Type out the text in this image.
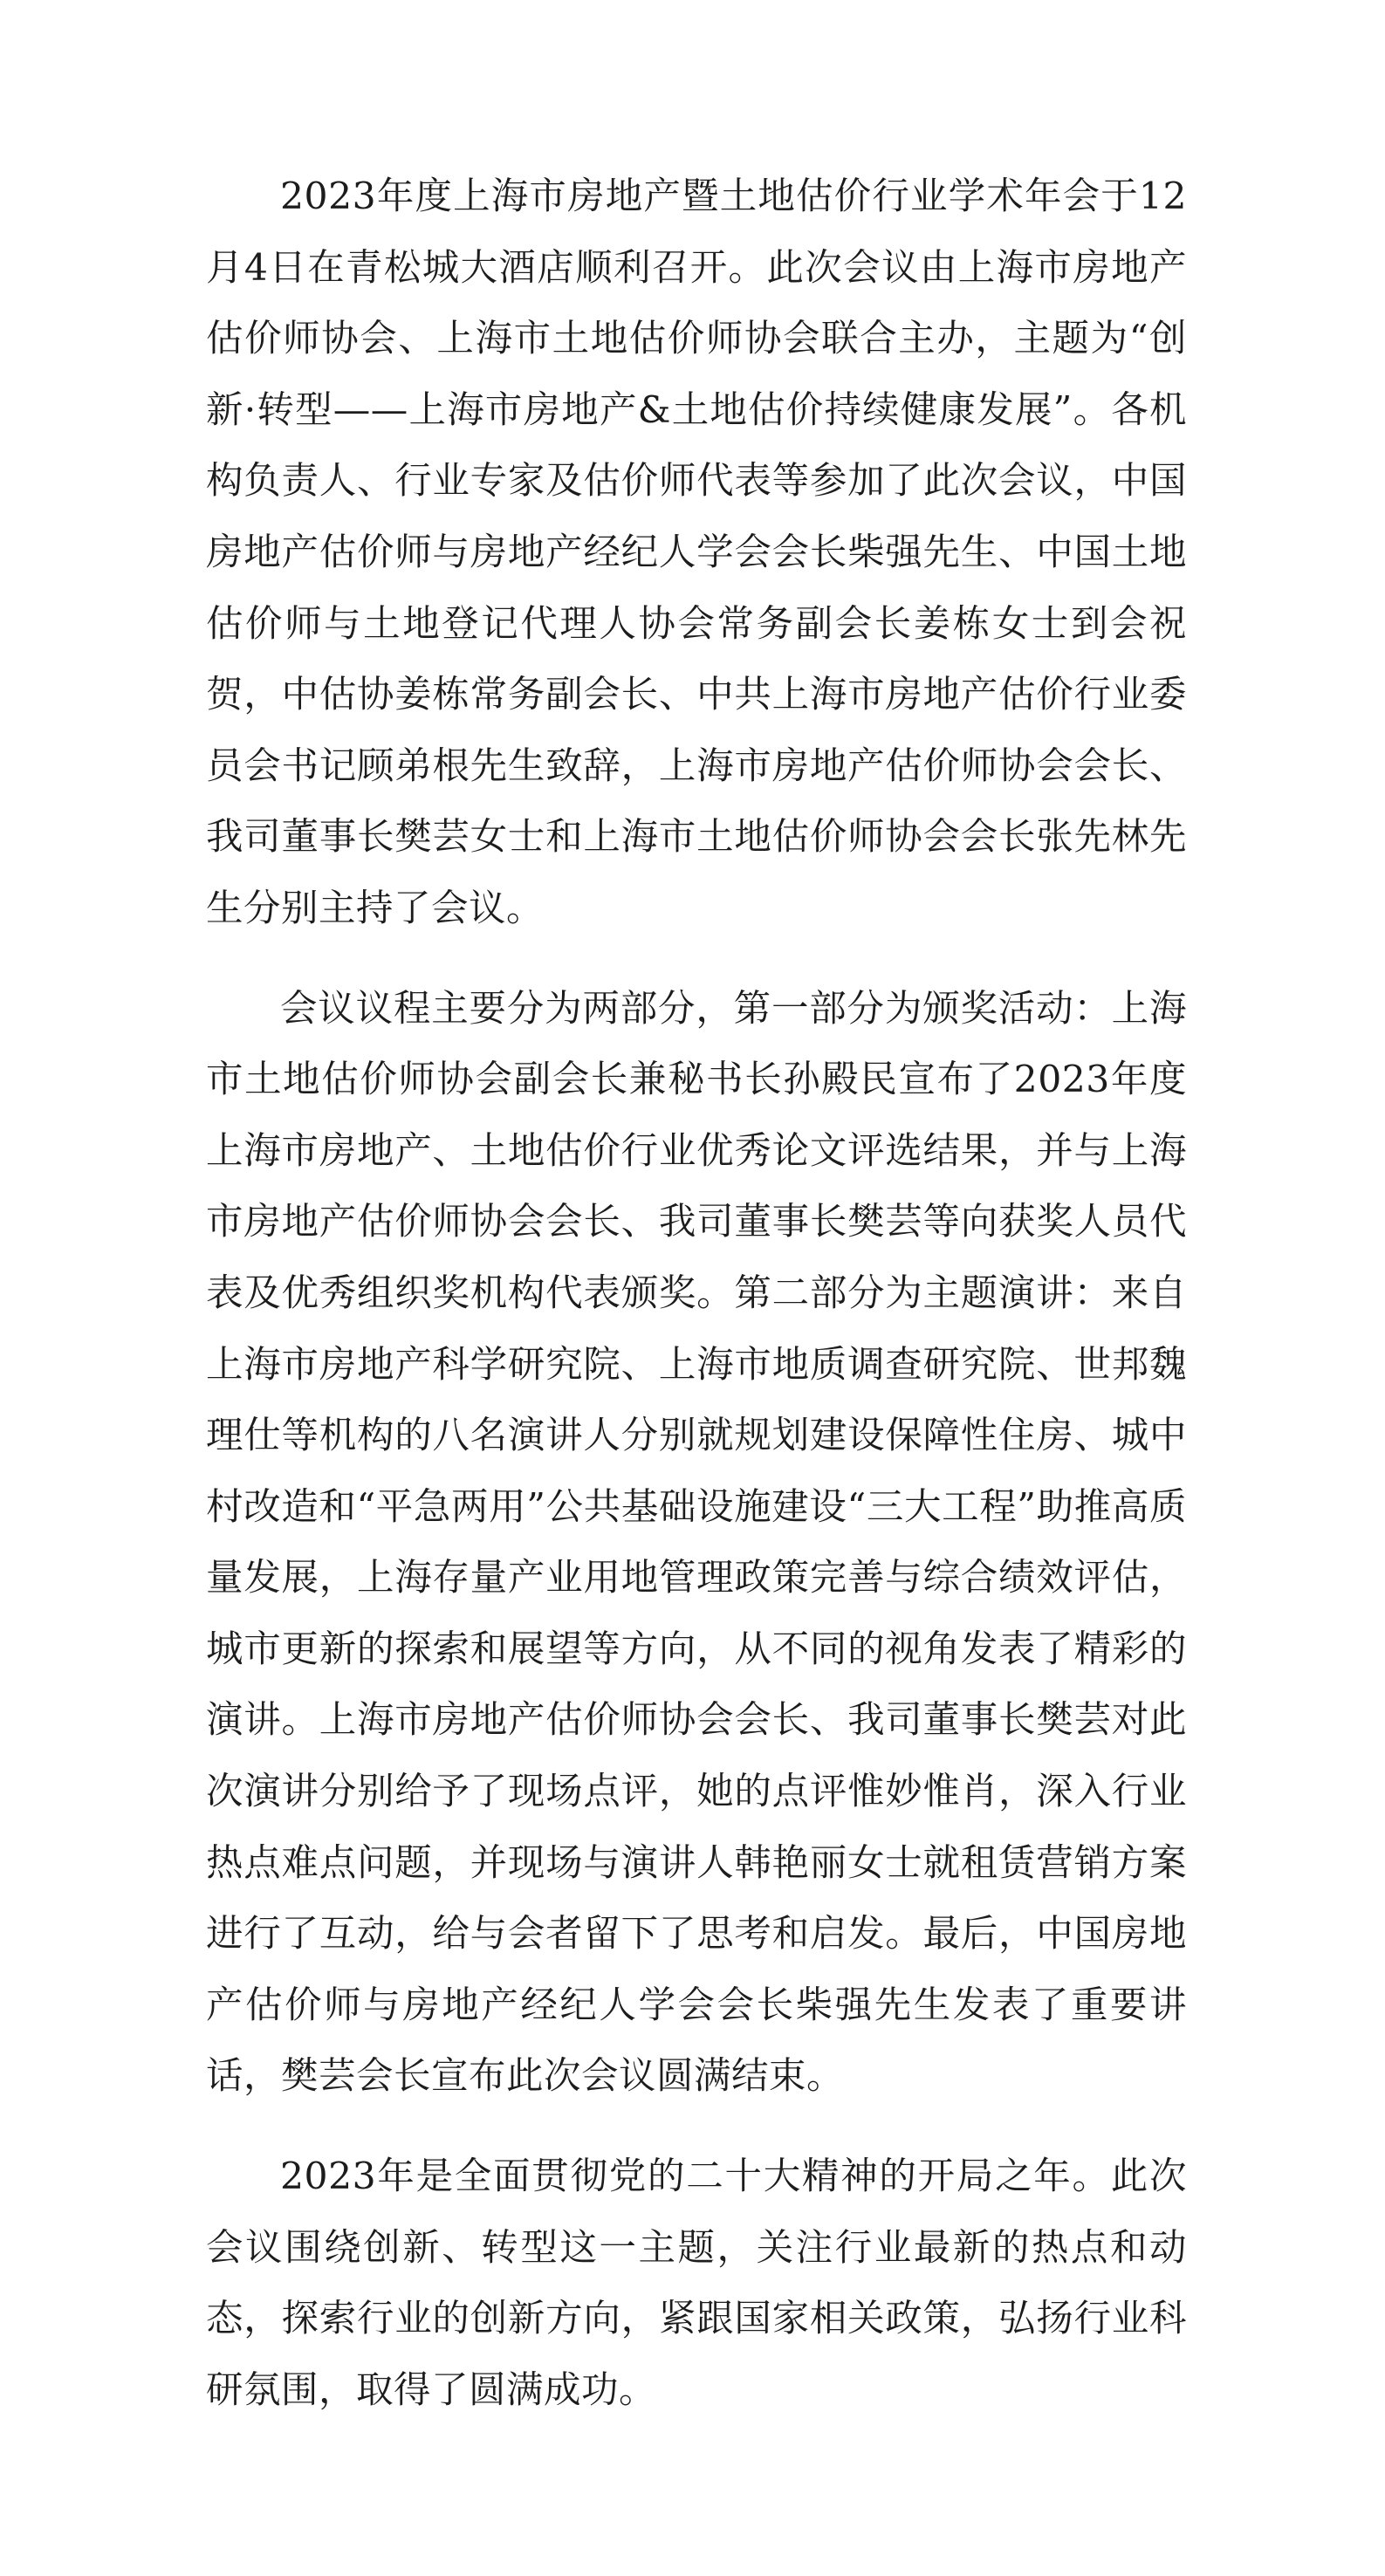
2023年度上海市房地产暨土地估价行业学术年会于12月4日在青松城大酒店顺利召开。此次会议由上海市房地产估价师协会、上海市土地估价师协会联合主办，主题为“创新·转型——上海市房地产&土地估价持续健康发展”。各机构负责人、行业专家及估价师代表等参加了此次会议，中国房地产估价师与房地产经纪人学会会长柴强先生、中国土地估价师与土地登记代理人协会常务副会长姜栋女士到会祝贺，中估协姜栋常务副会长、中共上海市房地产估价行业委员会书记顾弟根先生致辞，上海市房地产估价师协会会长、我司董事长樊芸女士和上海市土地估价师协会会长张先林先生分别主持了会议。

会议议程主要分为两部分，第一部分为颁奖活动：上海市土地估价师协会副会长兼秘书长孙殿民宣布了2023年度上海市房地产、土地估价行业优秀论文评选结果，并与上海市房地产估价师协会会长、我司董事长樊芸等向获奖人员代表及优秀组织奖机构代表颁奖。第二部分为主题演讲：来自上海市房地产科学研究院、上海市地质调查研究院、世邦魏理仕等机构的八名演讲人分别就规划建设保障性住房、城中村改造和“平急两用”公共基础设施建设“三大工程”助推高质量发展，上海存量产业用地管理政策完善与综合绩效评估，城市更新的探索和展望等方向，从不同的视角发表了精彩的演讲。上海市房地产估价师协会会长、我司董事长樊芸对此次演讲分别给予了现场点评，她的点评惟妙惟肖，深入行业热点难点问题，并现场与演讲人韩艳丽女士就租赁营销方案进行了互动，给与会者留下了思考和启发。最后，中国房地产估价师与房地产经纪人学会会长柴强先生发表了重要讲话，樊芸会长宣布此次会议圆满结束。

2023年是全面贯彻党的二十大精神的开局之年。此次会议围绕创新、转型这一主题，关注行业最新的热点和动态，探索行业的创新方向，紧跟国家相关政策，弘扬行业科研氛围，取得了圆满成功。
